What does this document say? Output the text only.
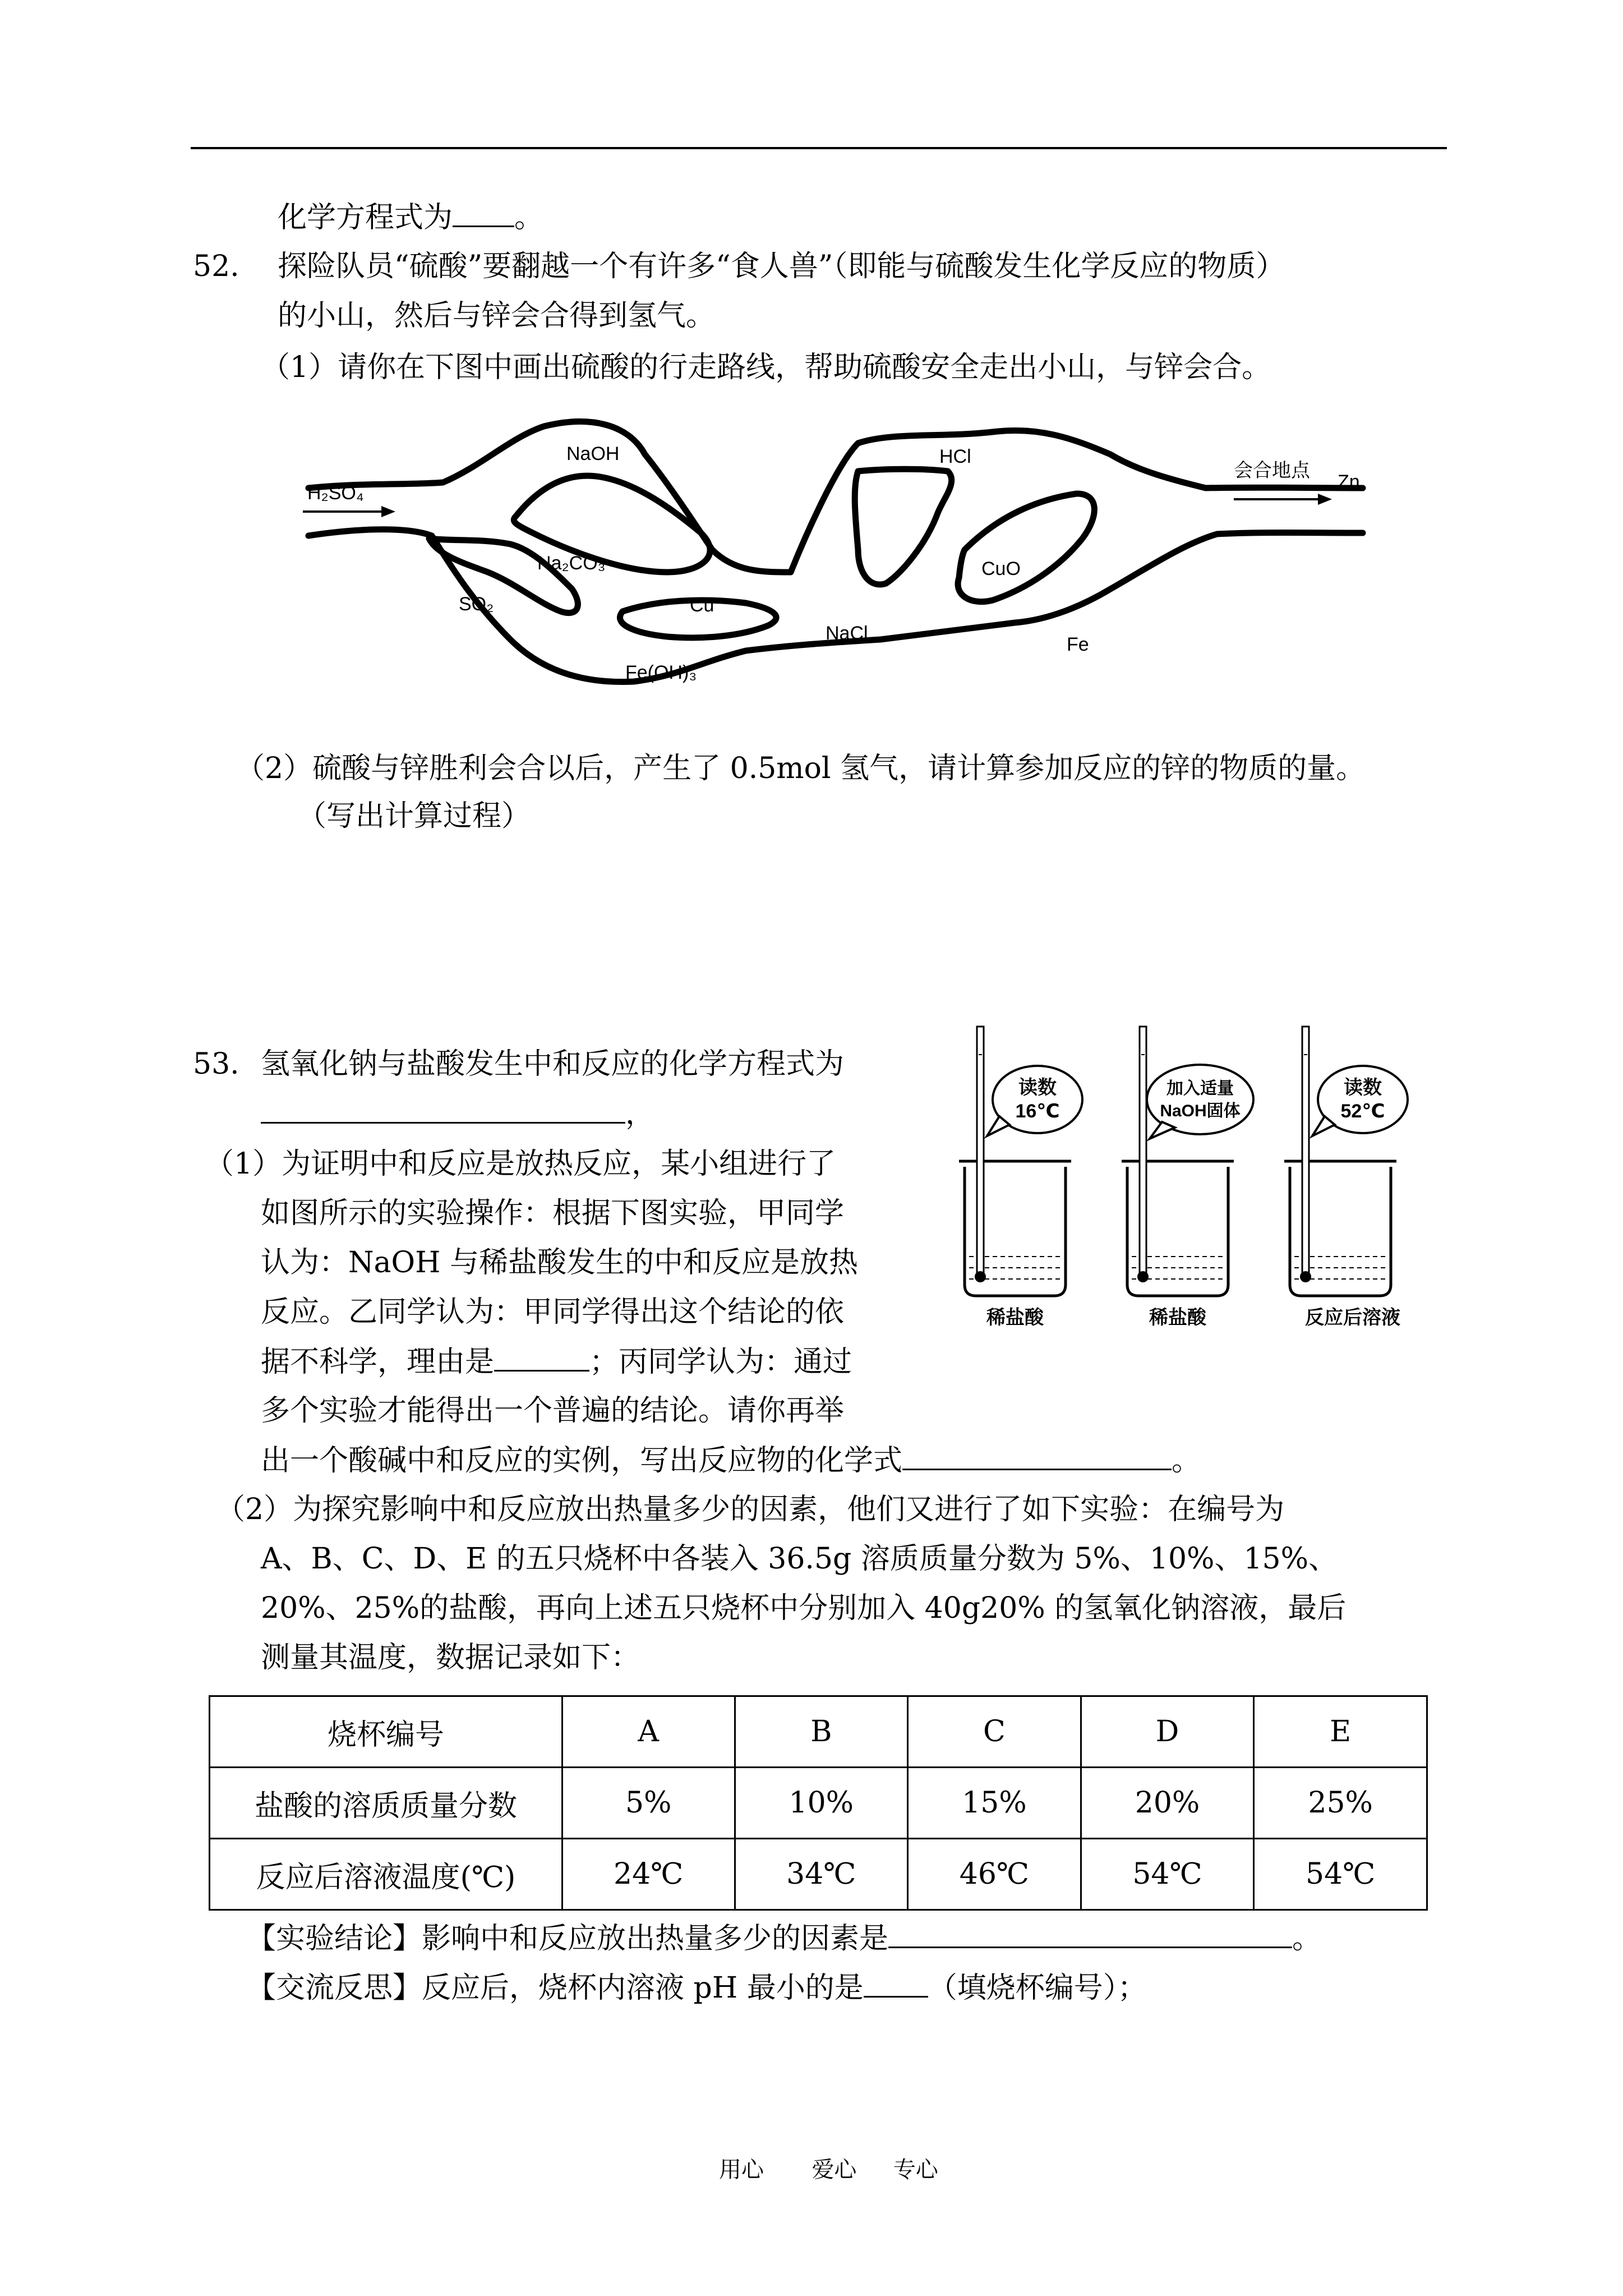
化学方程式为 。
52. 探险队员“硫酸”要翻越一个有许多“食人兽”（即能与硫酸发生化学反应的物质）
的小山，然后与锌会合得到氢气。
（1）请你在下图中画出硫酸的行走路线，帮助硫酸安全走出小山，与锌会合。
H₂SO₄
会合地点
Zn
NaOH
Na₂CO₃
SO₂	Cu
Fe(OH)₃
NaCl
HCl
CuO
Fe
（2）硫酸与锌胜利会合以后，产生了 0.5mol 氢气，请计算参加反应的锌的物质的量。
（写出计算过程）
53. 氢氧化钠与盐酸发生中和反应的化学方程式为
，
（1）为证明中和反应是放热反应，某小组进行了
如图所示的实验操作：根据下图实验，甲同学
认为：NaOH 与稀盐酸发生的中和反应是放热
反应。乙同学认为：甲同学得出这个结论的依
据不科学，理由是	；丙同学认为：通过
多个实验才能得出一个普遍的结论。请你再举
出一个酸碱中和反应的实例，写出反应物的化学式	。
读数
16℃
稀盐酸
加入适量
NaOH固体
稀盐酸
读数
52℃
反应后溶液
（2）为探究影响中和反应放出热量多少的因素，他们又进行了如下实验：在编号为
A、B、C、D、E 的五只烧杯中各装入 36.5g 溶质质量分数为 5%、10%、15%、
20%、25%的盐酸，再向上述五只烧杯中分别加入 40g20% 的氢氧化钠溶液，最后
测量其温度，数据记录如下：
烧杯编号	A	B	C	D	E
盐酸的溶质质量分数	5%	10%	15%	20%	25%
反应后溶液温度(℃)	24℃	34℃	46℃	54℃	54℃
【实验结论】影响中和反应放出热量多少的因素是	。
【交流反思】反应后，烧杯内溶液 pH 最小的是 （填烧杯编号）；
用心 爱心 专心
